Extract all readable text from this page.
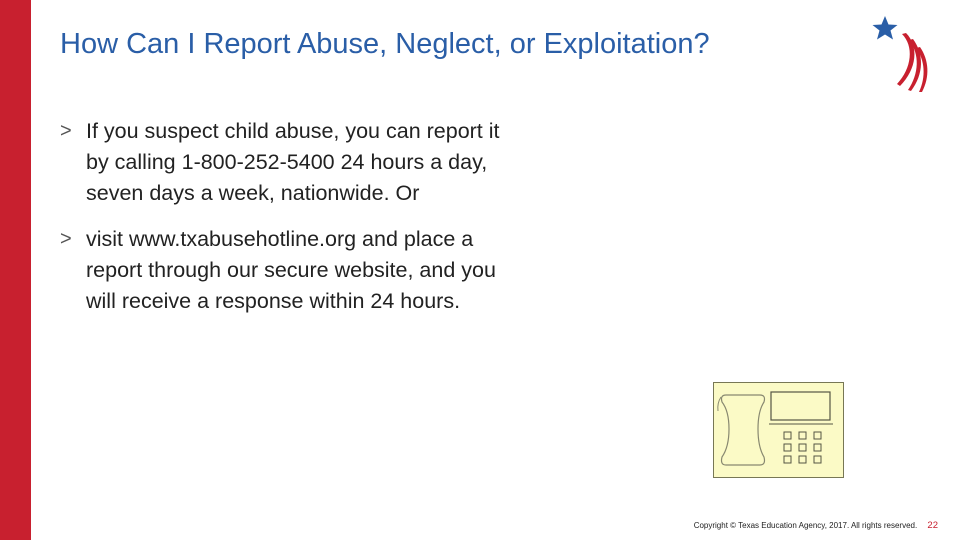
How Can I Report Abuse, Neglect, or Exploitation?
> If you suspect child abuse, you can report it by calling 1-800-252-5400 24 hours a day, seven days a week, nationwide. Or
> visit www.txabusehotline.org and place a report through our secure website, and you will receive a response within 24 hours.
Copyright © Texas Education Agency, 2017. All rights reserved. 22
